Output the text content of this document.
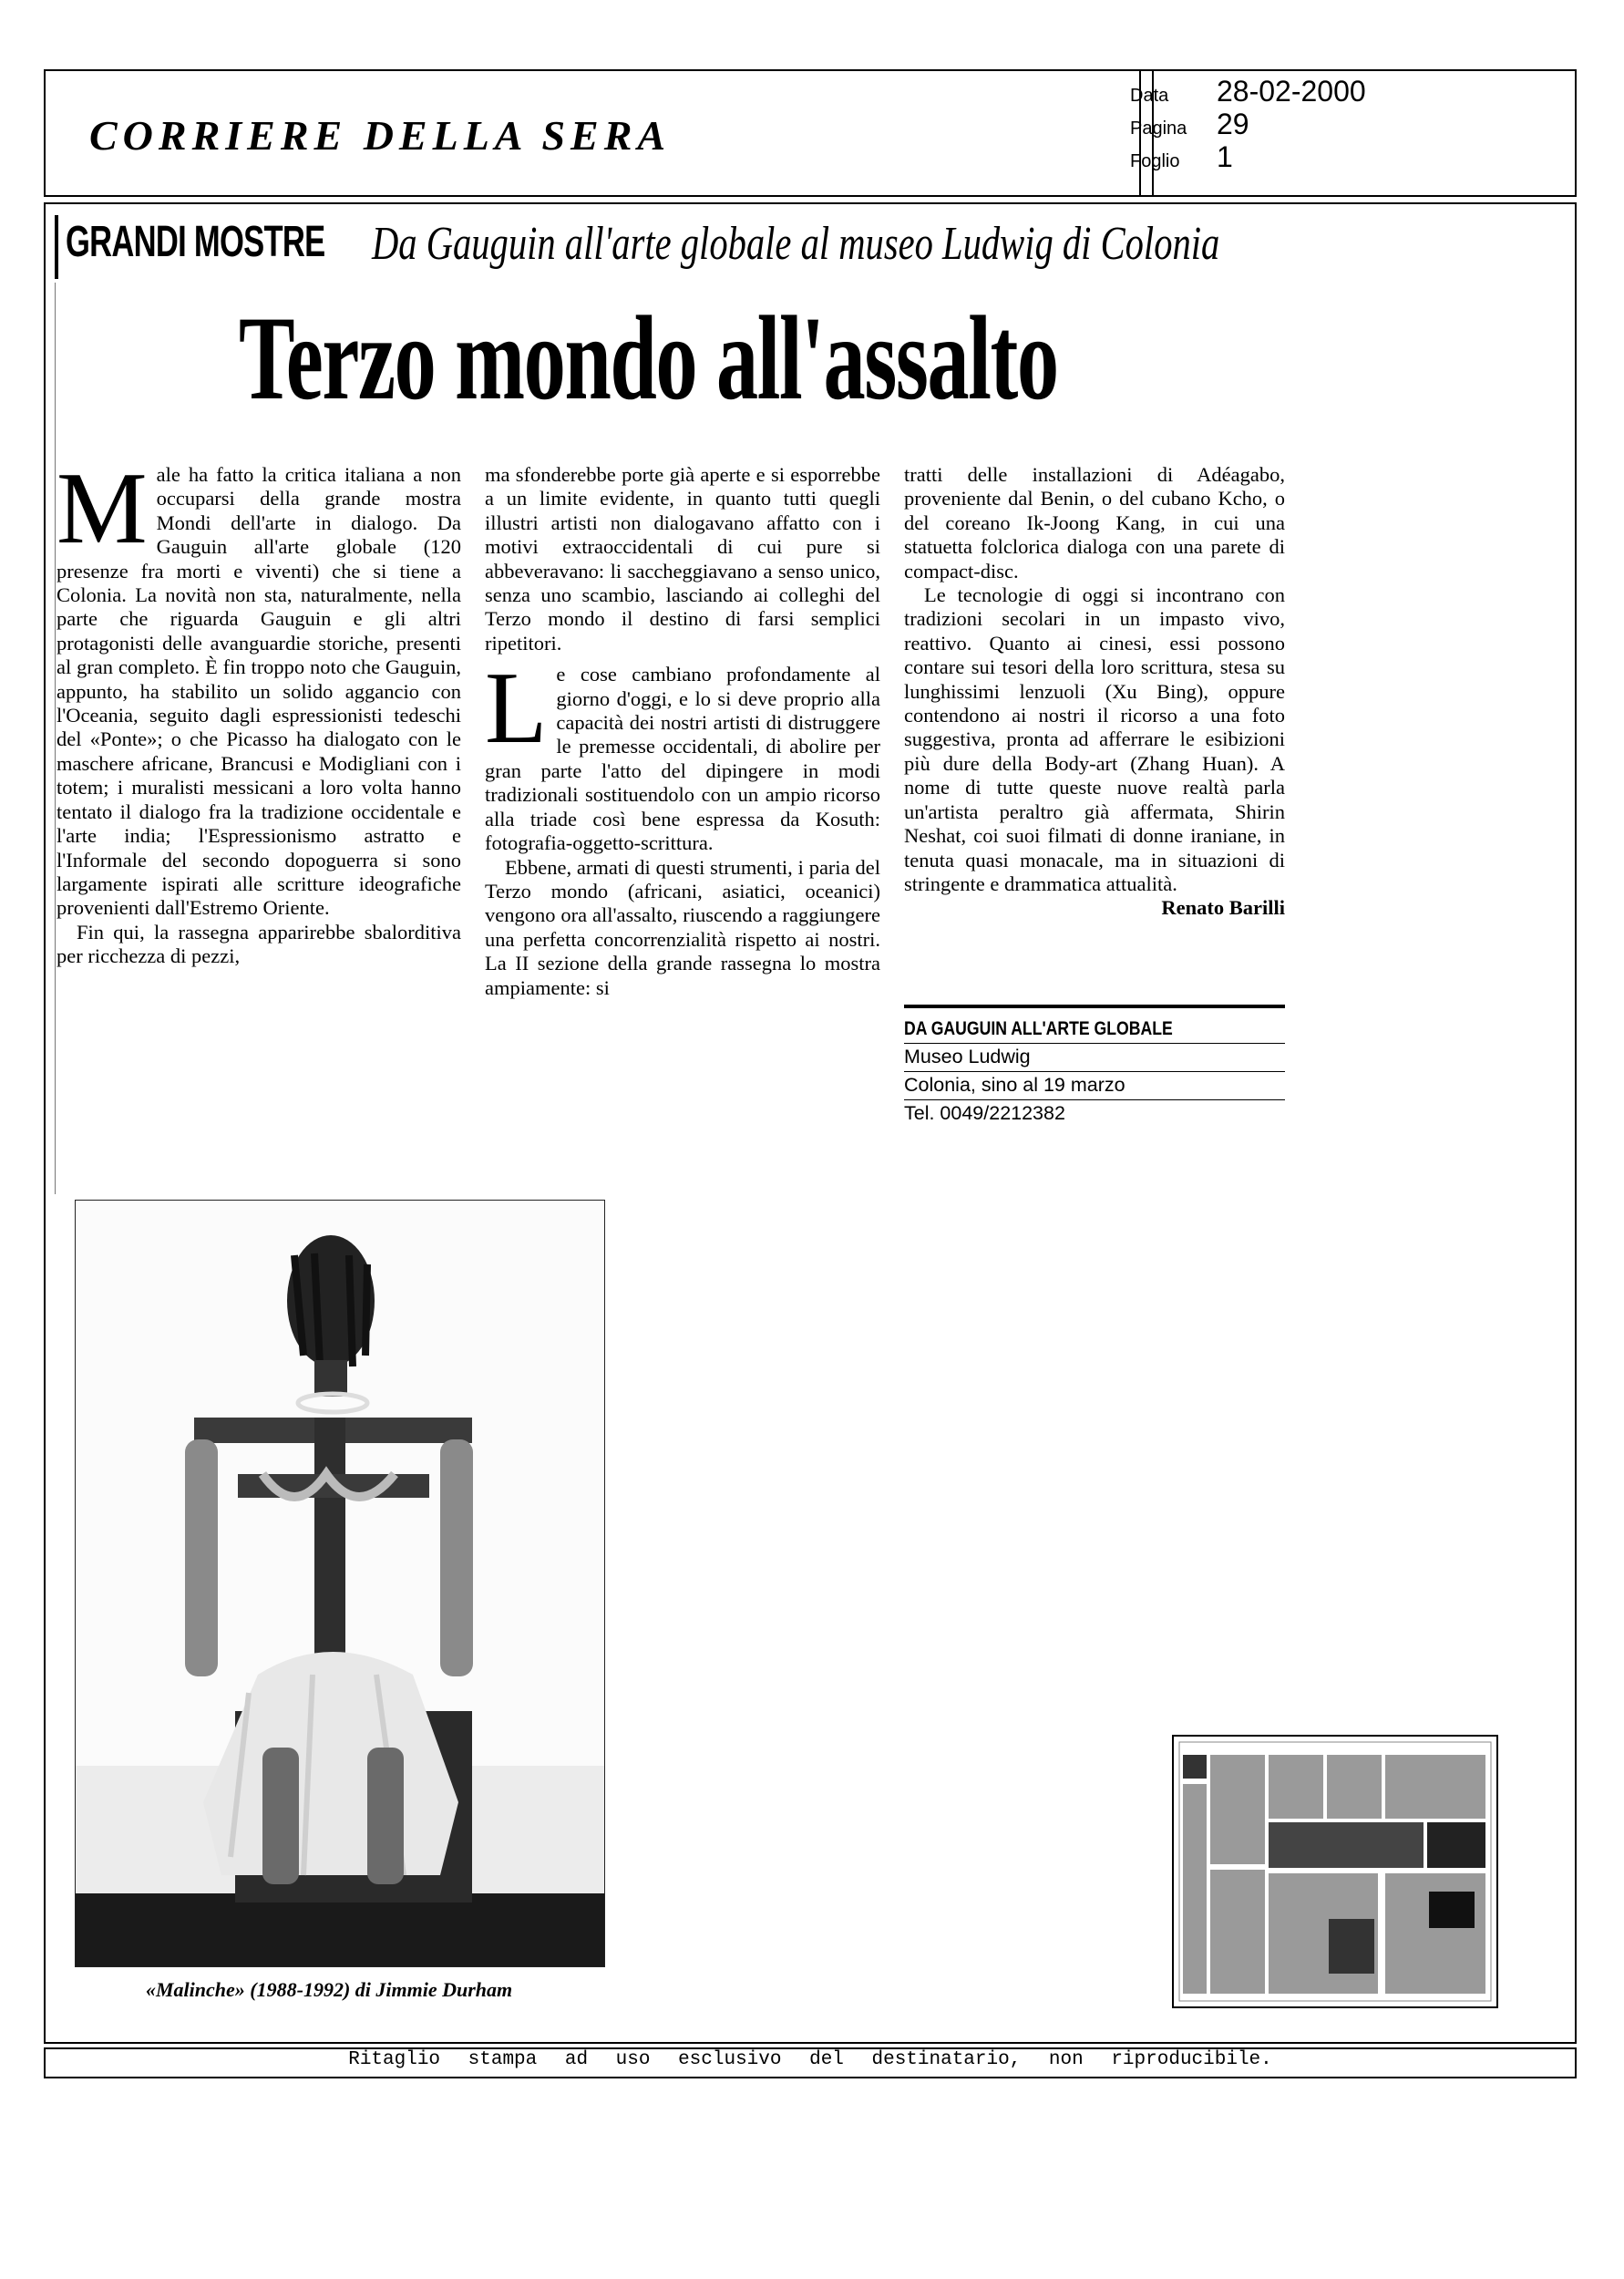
CORRIERE DELLA SERA
Data 28-02-2000
Pagina 29
Foglio 1
GRANDI MOSTRE Da Gauguin all'arte globale al museo Ludwig di Colonia
Terzo mondo all'assalto

Male ha fatto la critica italiana a non occuparsi della grande mostra Mondi dell'arte in dialogo. Da Gauguin all'arte globale (120 presenze fra morti e viventi) che si tiene a Colonia. La novità non sta, naturalmente, nella parte che riguarda Gauguin e gli altri protagonisti delle avanguardie storiche, presenti al gran completo. È fin troppo noto che Gauguin, appunto, ha stabilito un solido aggancio con l'Oceania, seguito dagli espressionisti tedeschi del «Ponte»; o che Picasso ha dialogato con le maschere africane, Brancusi e Modigliani con i totem; i muralisti messicani a loro volta hanno tentato il dialogo fra la tradizione occidentale e l'arte india; l'Espressionismo astratto e l'Informale del secondo dopoguerra si sono largamente ispirati alle scritture ideografiche provenienti dall'Estremo Oriente.

Fin qui, la rassegna apparirebbe sbalorditiva per ricchezza di pezzi,

ma sfonderebbe porte già aperte e si esporrebbe a un limite evidente, in quanto tutti quegli illustri artisti non dialogavano affatto con i motivi extraoccidentali di cui pure si abbeveravano: li saccheggiavano a senso unico, senza uno scambio, lasciando ai colleghi del Terzo mondo il destino di farsi semplici ripetitori.

Le cose cambiano profondamente al giorno d'oggi, e lo si deve proprio alla capacità dei nostri artisti di distruggere le premesse occidentali, di abolire per gran parte l'atto del dipingere in modi tradizionali sostituendolo con un ampio ricorso alla triade così bene espressa da Kosuth: fotografia-oggetto-scrittura.

Ebbene, armati di questi strumenti, i paria del Terzo mondo (africani, asiatici, oceanici) vengono ora all'assalto, riuscendo a raggiungere una perfetta concorrenzialità rispetto ai nostri. La II sezione della grande rassegna lo mostra ampiamente: si

tratti delle installazioni di Adéagabo, proveniente dal Benin, o del cubano Kcho, o del coreano Ik-Joong Kang, in cui una statuetta folclorica dialoga con una parete di compact-disc.

Le tecnologie di oggi si incontrano con tradizioni secolari in un impasto vivo, reattivo. Quanto ai cinesi, essi possono contare sui tesori della loro scrittura, stesa su lunghissimi lenzuoli (Xu Bing), oppure contendono ai nostri il ricorso a una foto suggestiva, pronta ad afferrare le esibizioni più dure della Body-art (Zhang Huan). A nome di tutte queste nuove realtà parla un'artista peraltro già affermata, Shirin Neshat, coi suoi filmati di donne iraniane, in tenuta quasi monacale, ma in situazioni di stringente e drammatica attualità.

Renato Barilli

DA GAUGUIN ALL'ARTE GLOBALE
Museo Ludwig
Colonia, sino al 19 marzo
Tel. 0049/2212382
«Malinche» (1988-1992) di Jimmie Durham
Ritaglio stampa ad uso esclusivo del destinatario, non riproducibile.
